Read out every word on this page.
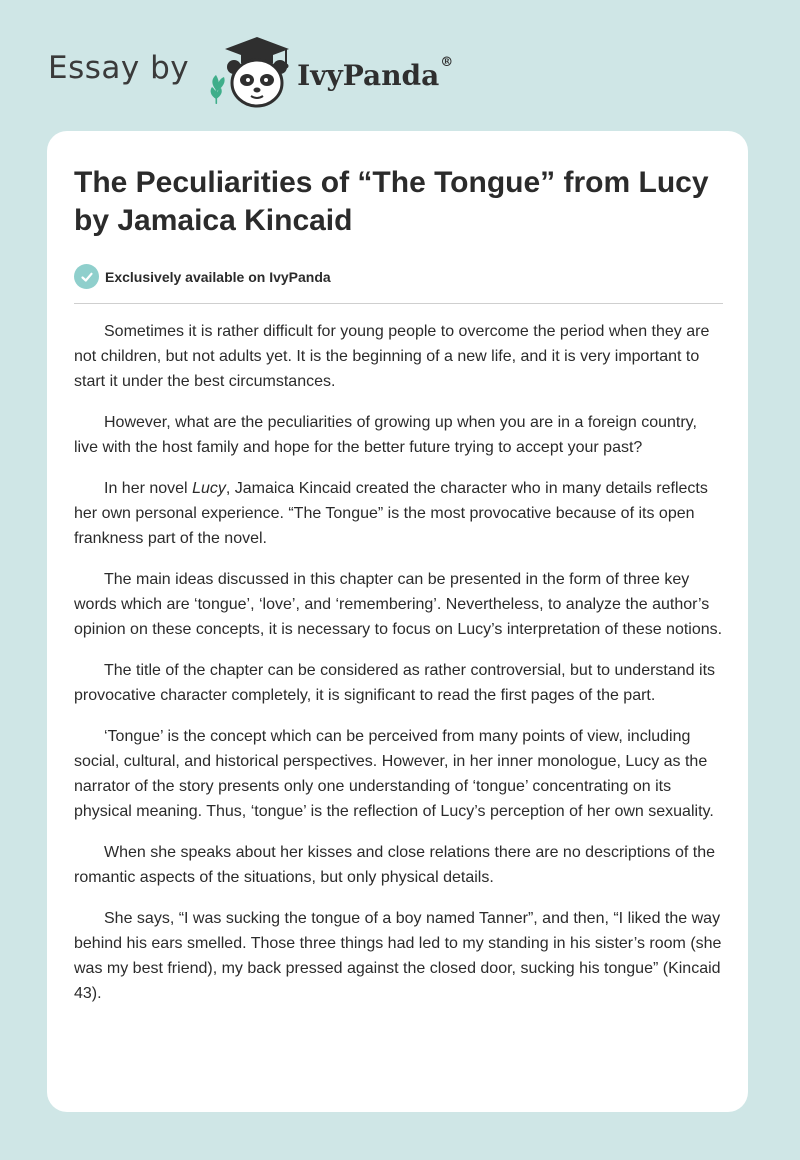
Essay by	IvyPanda®
The Peculiarities of “The Tongue” from Lucy by Jamaica Kincaid
Exclusively available on IvyPanda

Sometimes it is rather difficult for young people to overcome the period when they are not children, but not adults yet. It is the beginning of a new life, and it is very important to start it under the best circumstances.

However, what are the peculiarities of growing up when you are in a foreign country, live with the host family and hope for the better future trying to accept your past?

In her novel Lucy, Jamaica Kincaid created the character who in many details reflects her own personal experience. “The Tongue” is the most provocative because of its open frankness part of the novel.

The main ideas discussed in this chapter can be presented in the form of three key words which are ‘tongue’, ‘love’, and ‘remembering’. Nevertheless, to analyze the author’s opinion on these concepts, it is necessary to focus on Lucy’s interpretation of these notions.

The title of the chapter can be considered as rather controversial, but to understand its provocative character completely, it is significant to read the first pages of the part.

‘Tongue’ is the concept which can be perceived from many points of view, including social, cultural, and historical perspectives. However, in her inner monologue, Lucy as the narrator of the story presents only one understanding of ‘tongue’ concentrating on its physical meaning. Thus, ‘tongue’ is the reflection of Lucy’s perception of her own sexuality.

When she speaks about her kisses and close relations there are no descriptions of the romantic aspects of the situations, but only physical details.

She says, “I was sucking the tongue of a boy named Tanner”, and then, “I liked the way behind his ears smelled. Those three things had led to my standing in his sister’s room (she was my best friend), my back pressed against the closed door, sucking his tongue” (Kincaid 43).
